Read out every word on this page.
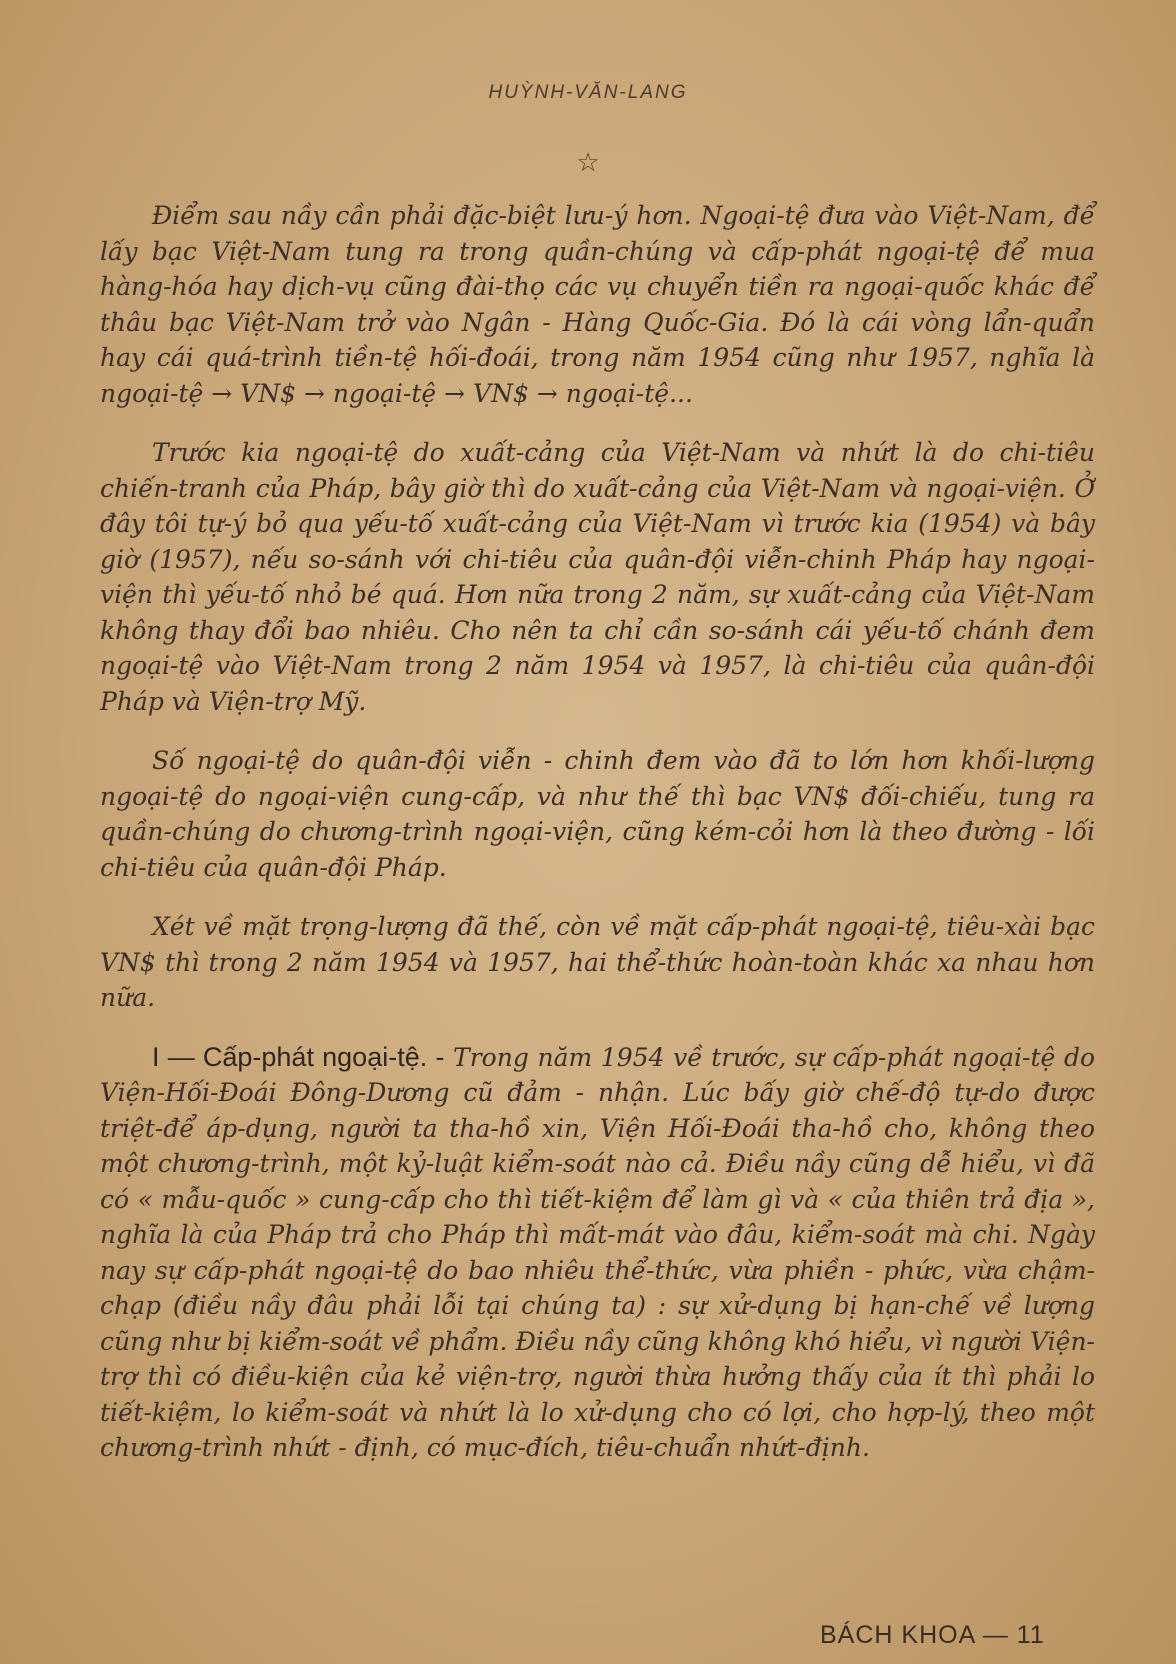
HUỲNH-VĂN-LANG
☆

Điểm sau nầy cần phải đặc-biệt lưu-ý hơn. Ngoại-tệ đưa vào Việt-Nam, để lấy bạc Việt-Nam tung ra trong quần-chúng và cấp-phát ngoại-tệ để mua hàng-hóa hay dịch-vụ cũng đài-thọ các vụ chuyển tiền ra ngoại-quốc khác để thâu bạc Việt-Nam trở vào Ngân - Hàng Quốc-Gia. Đó là cái vòng lẩn-quẩn hay cái quá-trình tiền-tệ hối-đoái, trong năm 1954 cũng như 1957, nghĩa là ngoại-tệ → VN$ → ngoại-tệ → VN$ → ngoại-tệ...

Trước kia ngoại-tệ do xuất-cảng của Việt-Nam và nhứt là do chi-tiêu chiến-tranh của Pháp, bây giờ thì do xuất-cảng của Việt-Nam và ngoại-viện. Ở đây tôi tự-ý bỏ qua yếu-tố xuất-cảng của Việt-Nam vì trước kia (1954) và bây giờ (1957), nếu so-sánh với chi-tiêu của quân-đội viễn-chinh Pháp hay ngoại-viện thì yếu-tố nhỏ bé quá. Hơn nữa trong 2 năm, sự xuất-cảng của Việt-Nam không thay đổi bao nhiêu. Cho nên ta chỉ cần so-sánh cái yếu-tố chánh đem ngoại-tệ vào Việt-Nam trong 2 năm 1954 và 1957, là chi-tiêu của quân-đội Pháp và Viện-trợ Mỹ.

Số ngoại-tệ do quân-đội viễn - chinh đem vào đã to lớn hơn khối-lượng ngoại-tệ do ngoại-viện cung-cấp, và như thế thì bạc VN$ đối-chiếu, tung ra quần-chúng do chương-trình ngoại-viện, cũng kém-cỏi hơn là theo đường - lối chi-tiêu của quân-đội Pháp.

Xét về mặt trọng-lượng đã thế, còn về mặt cấp-phát ngoại-tệ, tiêu-xài bạc VN$ thì trong 2 năm 1954 và 1957, hai thể-thức hoàn-toàn khác xa nhau hơn nữa.

I — Cấp-phát ngoại-tệ. - Trong năm 1954 về trước, sự cấp-phát ngoại-tệ do Viện-Hối-Đoái Đông-Dương cũ đảm - nhận. Lúc bấy giờ chế-độ tự-do được triệt-để áp-dụng, người ta tha-hồ xin, Viện Hối-Đoái tha-hồ cho, không theo một chương-trình, một kỷ-luật kiểm-soát nào cả. Điều nầy cũng dễ hiểu, vì đã có « mẫu-quốc » cung-cấp cho thì tiết-kiệm để làm gì và « của thiên trả địa », nghĩa là của Pháp trả cho Pháp thì mất-mát vào đâu, kiểm-soát mà chi. Ngày nay sự cấp-phát ngoại-tệ do bao nhiêu thể-thức, vừa phiền - phức, vừa chậm-chạp (điều nầy đâu phải lỗi tại chúng ta) : sự xử-dụng bị hạn-chế về lượng cũng như bị kiểm-soát về phẩm. Điều nầy cũng không khó hiểu, vì người Viện-trợ thì có điều-kiện của kẻ viện-trợ, người thừa hưởng thấy của ít thì phải lo tiết-kiệm, lo kiểm-soát và nhứt là lo xử-dụng cho có lợi, cho hợp-lý, theo một chương-trình nhứt - định, có mục-đích, tiêu-chuẩn nhứt-định.

BÁCH KHOA — 11
